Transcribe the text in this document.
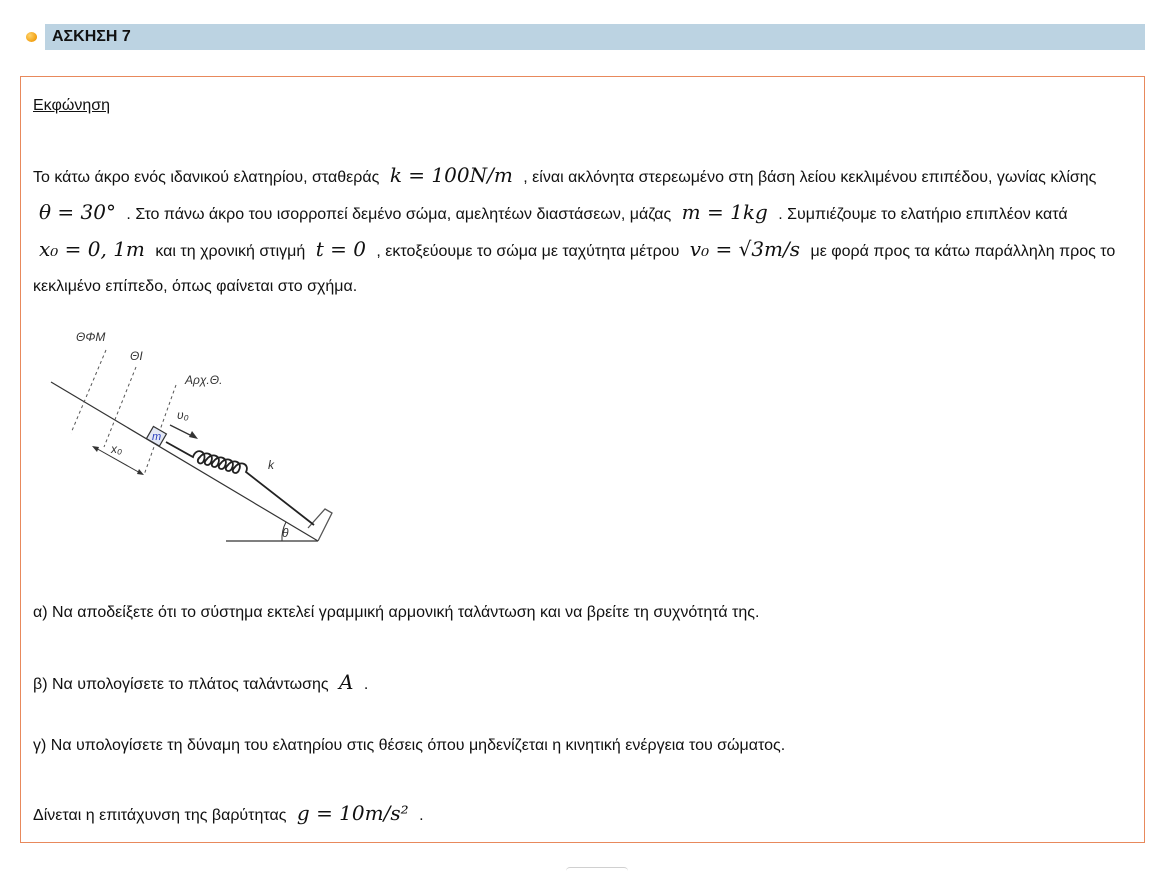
ΑΣΚΗΣΗ 7
Εκφώνηση
Το κάτω άκρο ενός ιδανικού ελατηρίου, σταθεράς k = 100N/m , είναι ακλόνητα στερεωμένο στη βάση λείου κεκλιμένου επιπέδου, γωνίας κλίσης θ = 30° . Στο πάνω άκρο του ισορροπεί δεμένο σώμα, αμελητέων διαστάσεων, μάζας m = 1kg . Συμπιέζουμε το ελατήριο επιπλέον κατά x₀ = 0, 1m και τη χρονική στιγμή t = 0 , εκτοξεύουμε το σώμα με ταχύτητα μέτρου v₀ = √3m/s με φορά προς τα κάτω παράλληλη προς το κεκλιμένο επίπεδο, όπως φαίνεται στο σχήμα.
ΘΦΜ
ΘΙ
Αρχ.Θ.
υ₀
m
x₀
k
θ
α) Να αποδείξετε ότι το σύστημα εκτελεί γραμμική αρμονική ταλάντωση και να βρείτε τη συχνότητά της.
β) Να υπολογίσετε το πλάτος ταλάντωσης A .
γ) Να υπολογίσετε τη δύναμη του ελατηρίου στις θέσεις όπου μηδενίζεται η κινητική ενέργεια του σώματος.
Δίνεται η επιτάχυνση της βαρύτητας g = 10m/s² .
